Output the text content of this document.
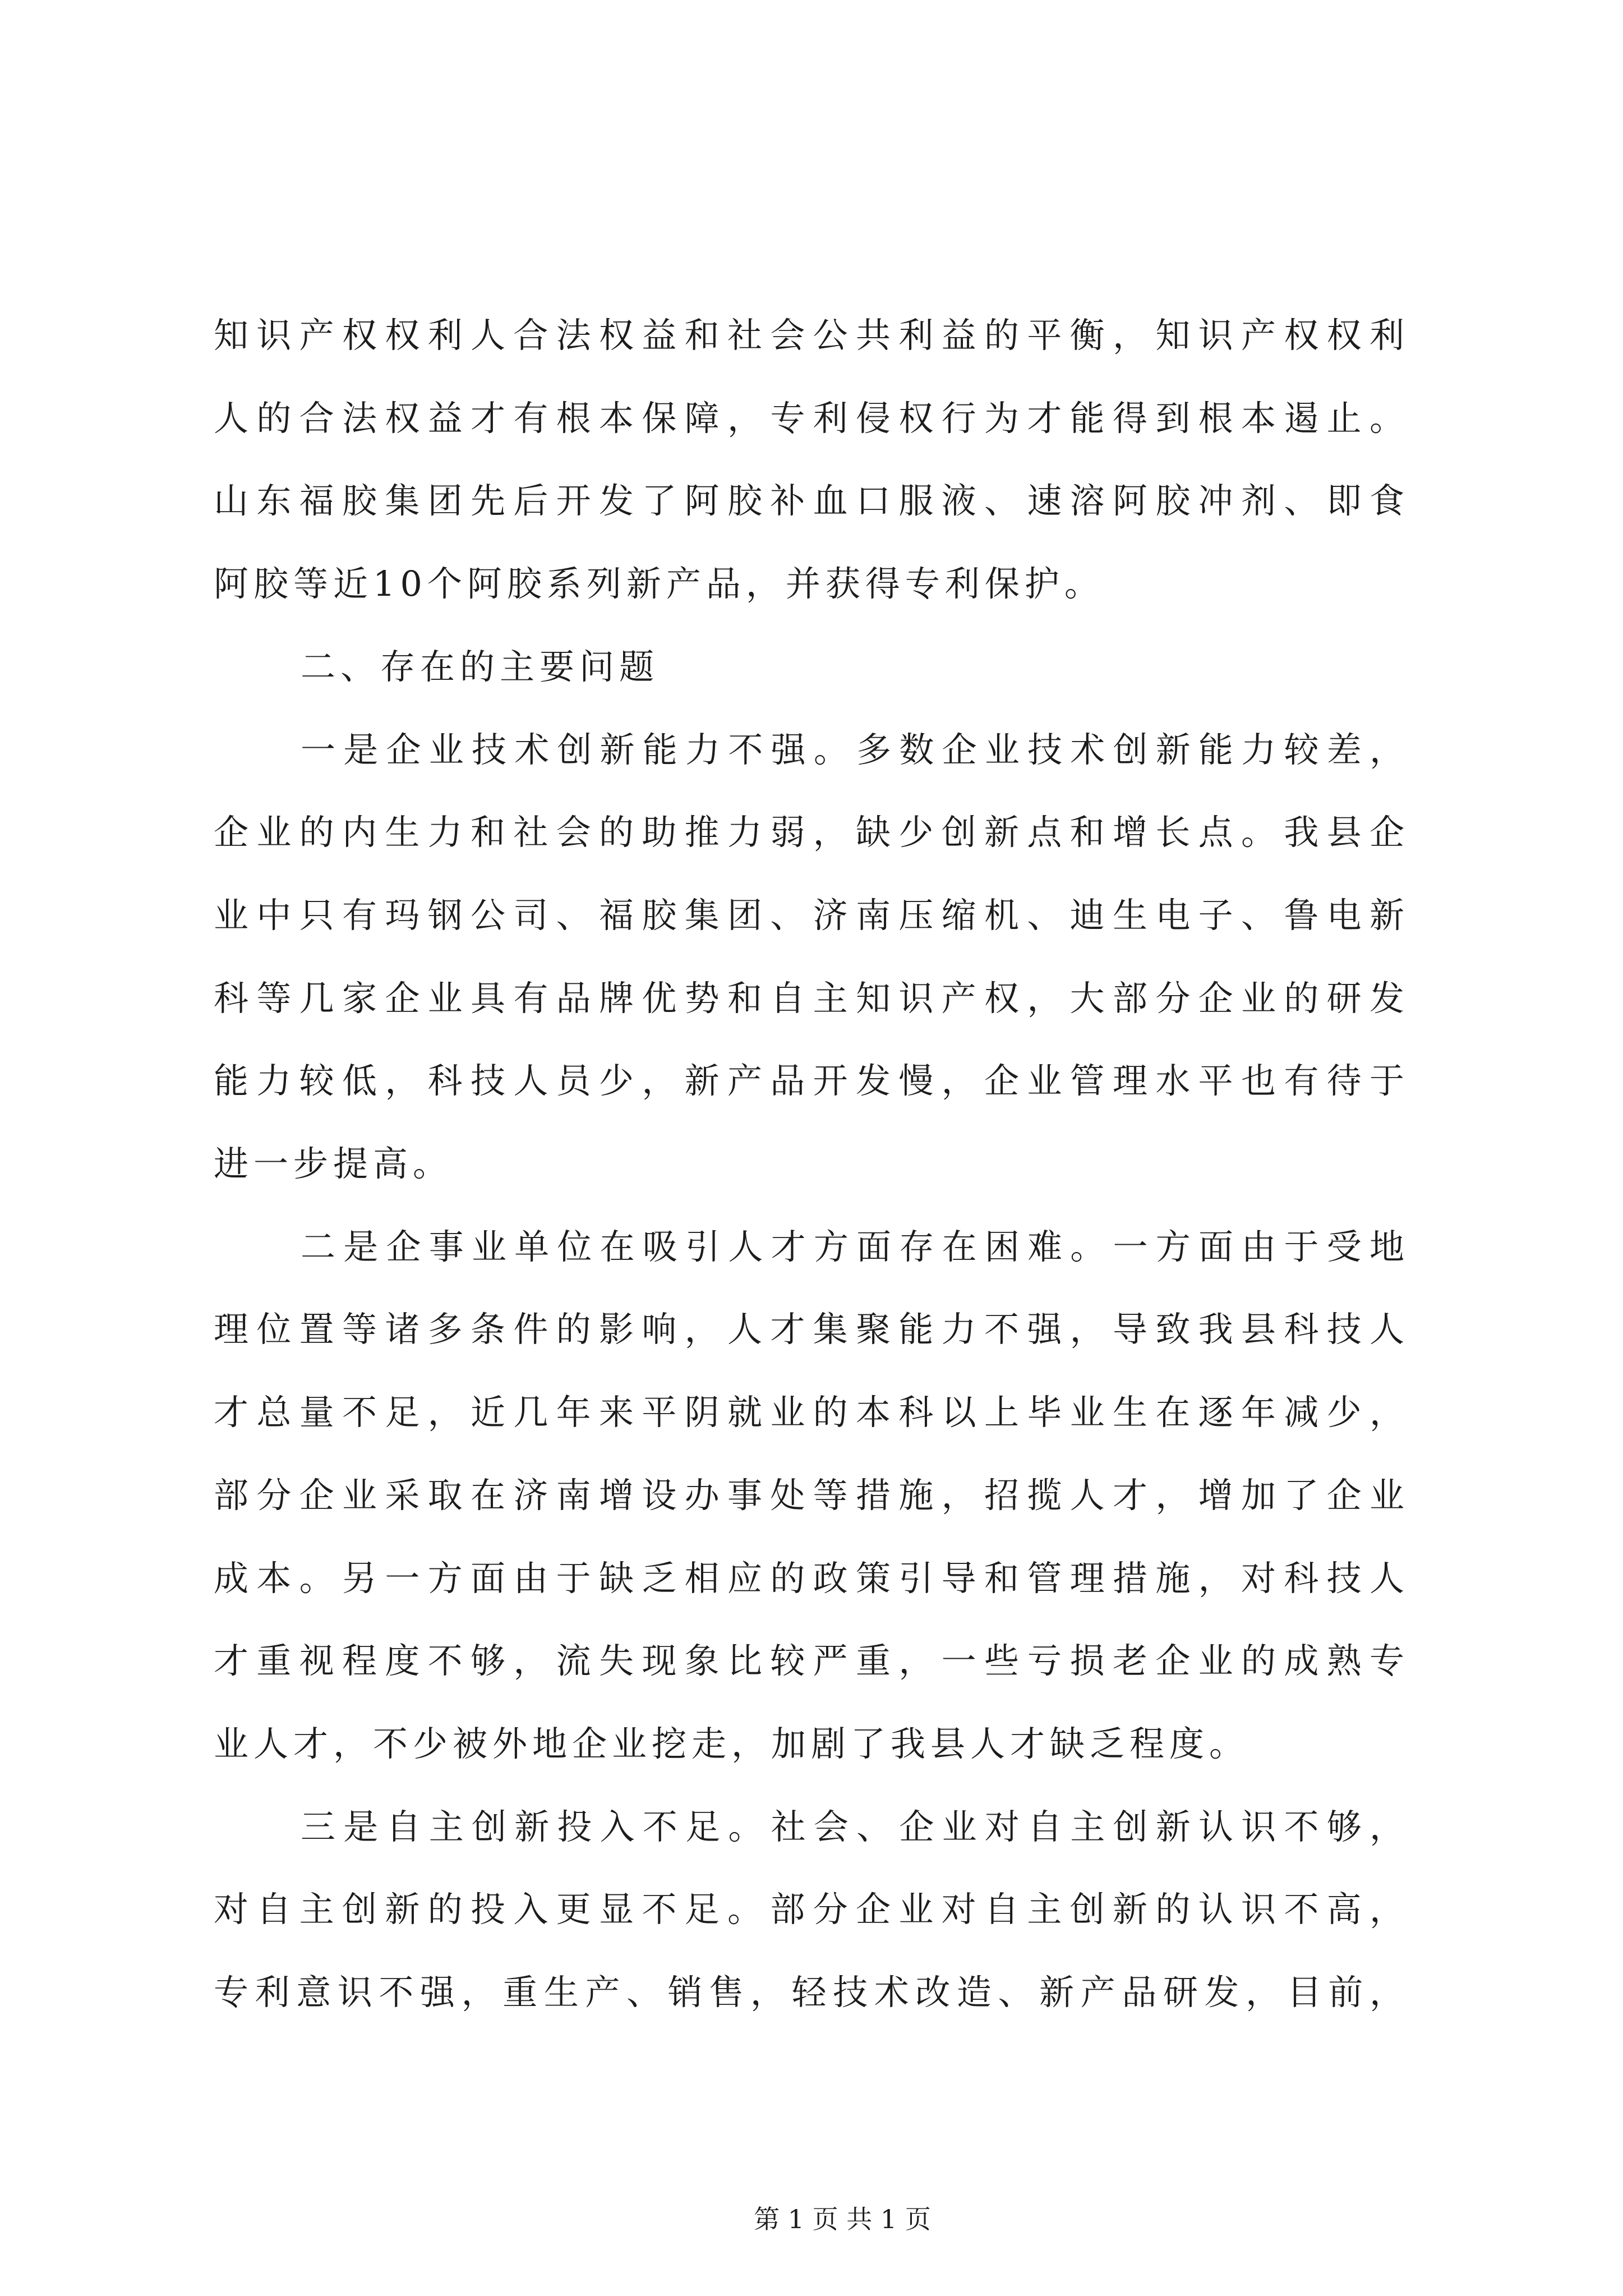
知识产权权利人合法权益和社会公共利益的平衡，知识产权权利
人的合法权益才有根本保障，专利侵权行为才能得到根本遏止。
山东福胶集团先后开发了阿胶补血口服液、速溶阿胶冲剂、即食
阿胶等近10个阿胶系列新产品，并获得专利保护。
二、存在的主要问题
一是企业技术创新能力不强。多数企业技术创新能力较差，
企业的内生力和社会的助推力弱，缺少创新点和增长点。我县企
业中只有玛钢公司、福胶集团、济南压缩机、迪生电子、鲁电新
科等几家企业具有品牌优势和自主知识产权，大部分企业的研发
能力较低，科技人员少，新产品开发慢，企业管理水平也有待于
进一步提高。
二是企事业单位在吸引人才方面存在困难。一方面由于受地
理位置等诸多条件的影响，人才集聚能力不强，导致我县科技人
才总量不足，近几年来平阴就业的本科以上毕业生在逐年减少，
部分企业采取在济南增设办事处等措施，招揽人才，增加了企业
成本。另一方面由于缺乏相应的政策引导和管理措施，对科技人
才重视程度不够，流失现象比较严重，一些亏损老企业的成熟专
业人才，不少被外地企业挖走，加剧了我县人才缺乏程度。
三是自主创新投入不足。社会、企业对自主创新认识不够，
对自主创新的投入更显不足。部分企业对自主创新的认识不高，
专利意识不强，重生产、销售，轻技术改造、新产品研发，目前，
第 1 页 共 1 页
